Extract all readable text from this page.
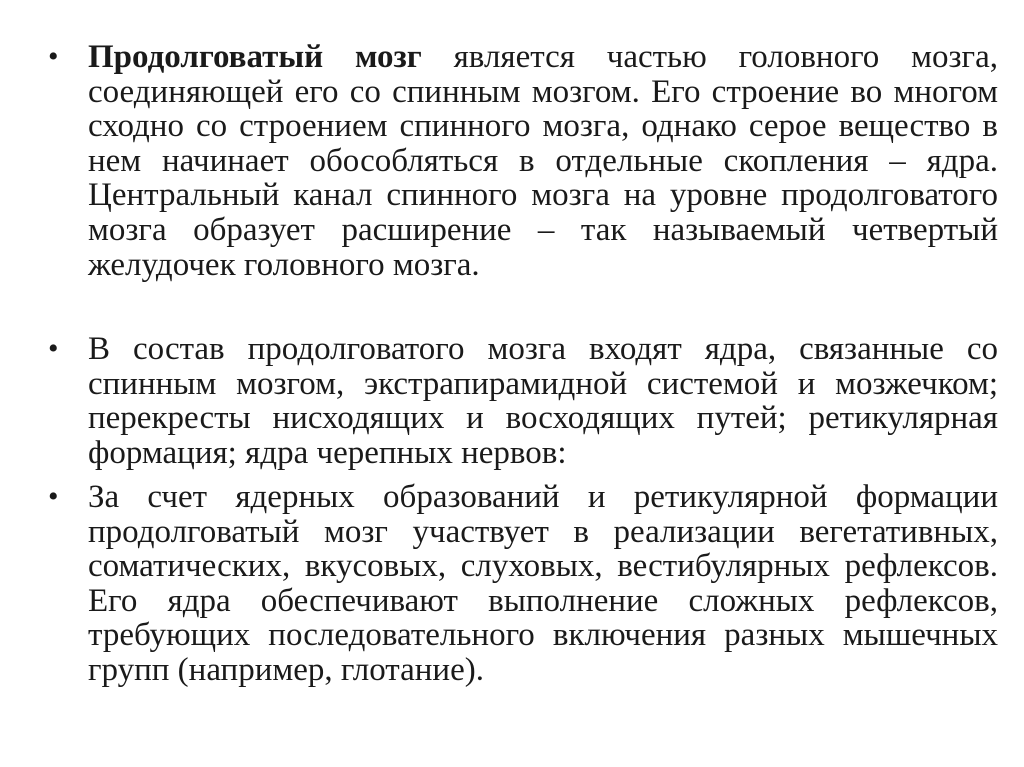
• Продолговатый мозг является частью головного мозга, соединяющей его со спинным мозгом. Его строение во многом сходно со строением спинного мозга, однако серое вещество в нем начинает обособляться в отдельные скопления – ядра. Центральный канал спинного мозга на уровне продолговатого мозга образует расширение – так называемый четвертый желудочек головного мозга.
• В состав продолговатого мозга входят ядра, связанные со спинным мозгом, экстрапирамидной системой и мозжечком; перекресты нисходящих и восходящих путей; ретикулярная формация; ядра черепных нервов:
• За счет ядерных образований и ретикулярной формации продолговатый мозг участвует в реализации вегетативных, соматических, вкусовых, слуховых, вестибулярных рефлексов. Его ядра обеспечивают выполнение сложных рефлексов, требующих последовательного включения разных мышечных групп (например, глотание).
